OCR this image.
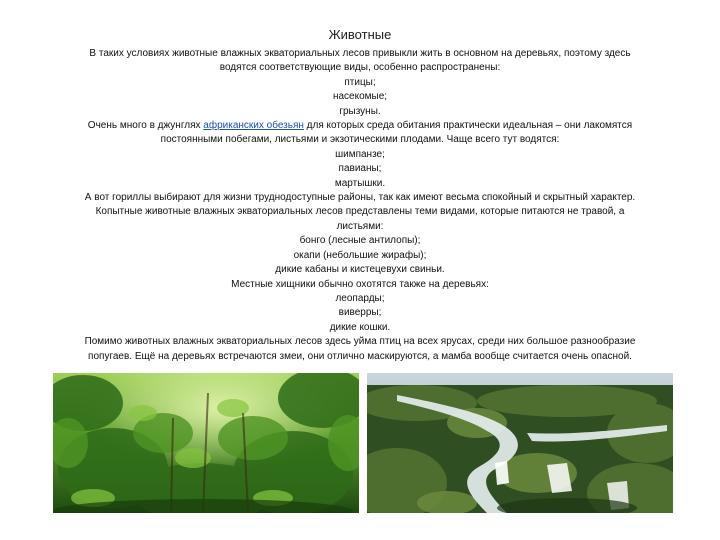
Животные
В таких условиях животные влажных экваториальных лесов привыкли жить в основном на деревьях, поэтому здесь
водятся соответствующие виды, особенно распространены:
птицы;
насекомые;
грызуны.
Очень много в джунглях африканских обезьян для которых среда обитания практически идеальная – они лакомятся
постоянными побегами, листьями и экзотическими плодами. Чаще всего тут водятся:
шимпанзе;
павианы;
мартышки.
А вот гориллы выбирают для жизни труднодоступные районы, так как имеют весьма спокойный и скрытный характер.
Копытные животные влажных экваториальных лесов представлены теми видами, которые питаются не травой, а
листьями:
бонго (лесные антилопы);
окапи (небольшие жирафы);
дикие кабаны и кистецевухи свиньи.
Местные хищники обычно охотятся также на деревьях:
леопарды;
виверры;
дикие кошки.
Помимо животных влажных экваториальных лесов здесь уйма птиц на всех ярусах, среди них большое разнообразие
попугаев. Ещё на деревьях встречаются змеи, они отлично маскируются, а мамба вообще считается очень опасной.
